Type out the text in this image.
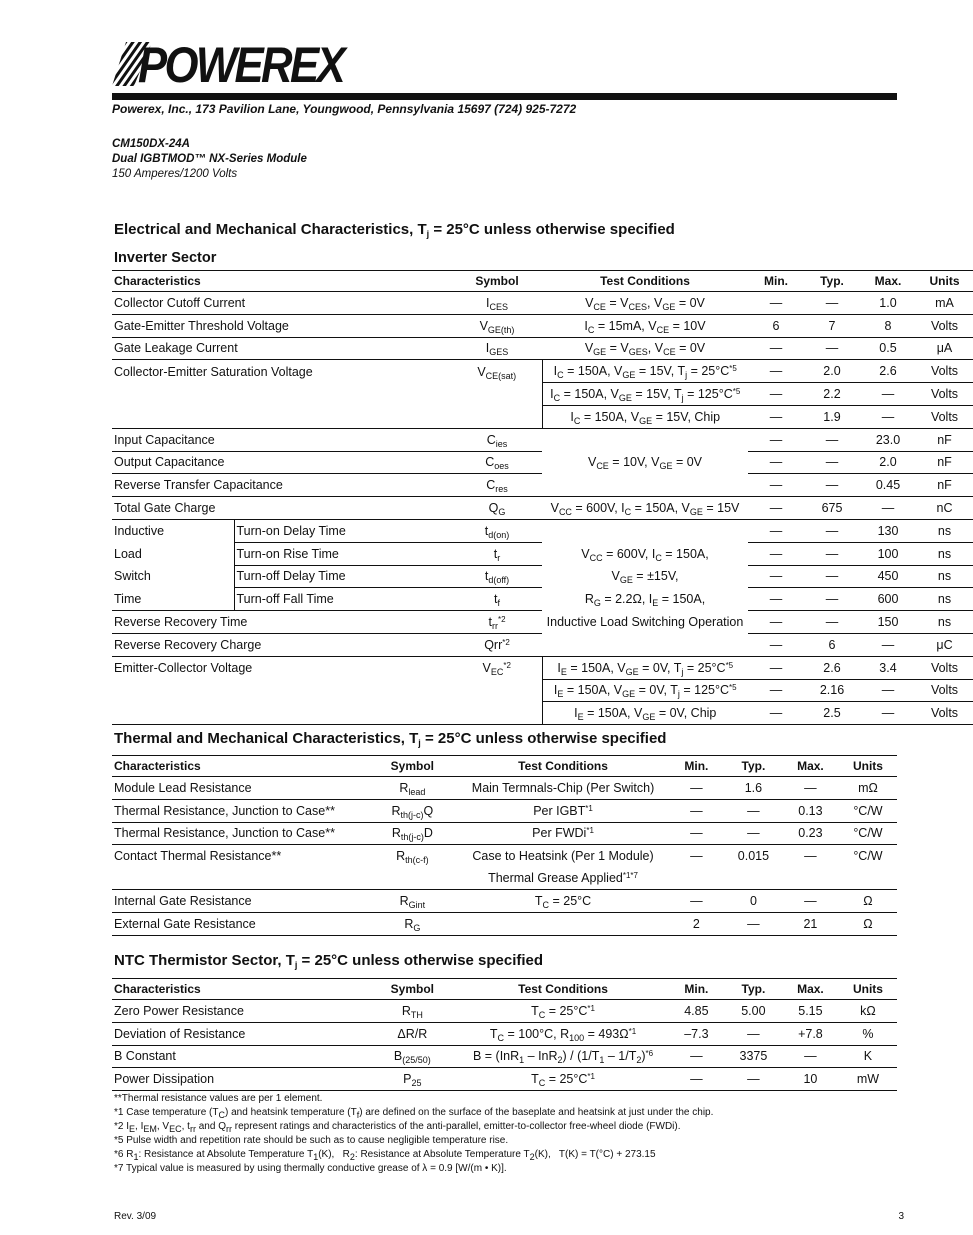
POWEREX
Powerex, Inc., 173 Pavilion Lane, Youngwood, Pennsylvania 15697 (724) 925-7272
CM150DX-24A
Dual IGBTMOD™ NX-Series Module
150 Amperes/1200 Volts
Electrical and Mechanical Characteristics, $T_j = 25^\circ C$ unless otherwise specified
Inverter Sector
Characteristics		Symbol	Test Conditions	Min.	Typ.	Max.	Units
Collector Cutoff Current		$I_{CES}$	$V_{CE} = V_{CES}$, $V_{GE} = 0V$	—	—	1.0	mA
Gate-Emitter Threshold Voltage		$V_{GE(th)}$	$I_C = 15mA$, $V_{CE} = 10V$	6	7	8	Volts
Gate Leakage Current		$I_{GES}$	$V_{GE} = V_{GES}$, $V_{CE} = 0V$	—	—	0.5	μA
Collector-Emitter Saturation Voltage		$V_{CE(sat)}$	$I_C = 150A$, $V_{GE} = 15V$, $T_j = 25^\circ C^{*5}$	—	2.0	2.6	Volts
			$I_C = 150A$, $V_{GE} = 15V$, $T_j = 125^\circ C^{*5}$	—	2.2	—	Volts
			$I_C = 150A$, $V_{GE} = 15V$, Chip	—	1.9	—	Volts
Input Capacitance		$C_{ies}$	$V_{CE} = 10V$, $V_{GE} = 0V$	—	—	23.0	nF
Output Capacitance		$C_{oes}$		—	—	2.0	nF
Reverse Transfer Capacitance		$C_{res}$		—	—	0.45	nF
Total Gate Charge		$Q_G$	$V_{CC} = 600V$, $I_C = 150A$, $V_{GE} = 15V$	—	675	—	nC
Inductive	Turn-on Delay Time	$t_{d(on)}$		—	—	130	ns
Load	Turn-on Rise Time	$t_r$	$V_{CC} = 600V$, $I_C = 150A$,	—	—	100	ns
Switch	Turn-off Delay Time	$t_{d(off)}$	$V_{GE} = \pm 15V$,	—	—	450	ns
Time	Turn-off Fall Time	$t_f$	$R_G = 2.2\Omega$, $I_E = 150A$,	—	—	600	ns
Reverse Recovery Time		$t_{rr}^{*2}$	Inductive Load Switching Operation	—	—	150	ns
Reverse Recovery Charge		Qrr$^{*2}$		—	6	—	μC
Emitter-Collector Voltage		$V_{EC}^{*2}$	$I_E = 150A$, $V_{GE} = 0V$, $T_j = 25^\circ C^{*5}$	—	2.6	3.4	Volts
			$I_E = 150A$, $V_{GE} = 0V$, $T_j = 125^\circ C^{*5}$	—	2.16	—	Volts
			$I_E = 150A$, $V_{GE} = 0V$, Chip	—	2.5	—	Volts
Thermal and Mechanical Characteristics, $T_j = 25^\circ C$ unless otherwise specified
Characteristics	Symbol	Test Conditions	Min.	Typ.	Max.	Units
Module Lead Resistance	$R_{lead}$	Main Termnals-Chip (Per Switch)	—	1.6	—	mΩ
Thermal Resistance, Junction to Case**	$R_{th(j-c)}Q$	Per IGBT$^{*1}$	—	—	0.13	°C/W
Thermal Resistance, Junction to Case**	$R_{th(j-c)}D$	Per FWDi$^{*1}$	—	—	0.23	°C/W
Contact Thermal Resistance**	$R_{th(c-f)}$	Case to Heatsink (Per 1 Module)	—	0.015	—	°C/W
		Thermal Grease Applied$^{*1*7}$				
Internal Gate Resistance	$R_{Gint}$	$T_C = 25^\circ C$	—	0	—	Ω
External Gate Resistance	$R_G$		2	—	21	Ω
NTC Thermistor Sector, $T_j = 25^\circ C$ unless otherwise specified
Characteristics	Symbol	Test Conditions	Min.	Typ.	Max.	Units
Zero Power Resistance	$R_{TH}$	$T_C = 25^\circ C^{*1}$	4.85	5.00	5.15	kΩ
Deviation of Resistance	ΔR/R	$T_C = 100^\circ C$, $R_{100} = 493\Omega^{*1}$	–7.3	—	+7.8	%
B Constant	$B_{(25/50)}$	$B = (InR_1 - InR_2) / (1/T_1 - 1/T_2)^{*6}$	—	3375	—	K
Power Dissipation	$P_{25}$	$T_C = 25^\circ C^{*1}$	—	—	10	mW
**Thermal resistance values are per 1 element.
*1 Case temperature $(T_C)$ and heatsink temperature $(T_f)$ are defined on the surface of the baseplate and heatsink at just under the chip.
*2 $I_E$, $I_{EM}$, $V_{EC}$, $t_{rr}$ and $Q_{rr}$ represent ratings and characteristics of the anti-parallel, emitter-to-collector free-wheel diode (FWDi).
*5 Pulse width and repetition rate should be such as to cause negligible temperature rise.
*6 $R_1$: Resistance at Absolute Temperature $T_1(K)$,   $R_2$: Resistance at Absolute Temperature $T_2(K)$,   T(K) = T(°C) + 273.15
*7 Typical value is measured by using thermally conductive grease of λ = 0.9 [W/(m • K)].
Rev. 3/09	3
